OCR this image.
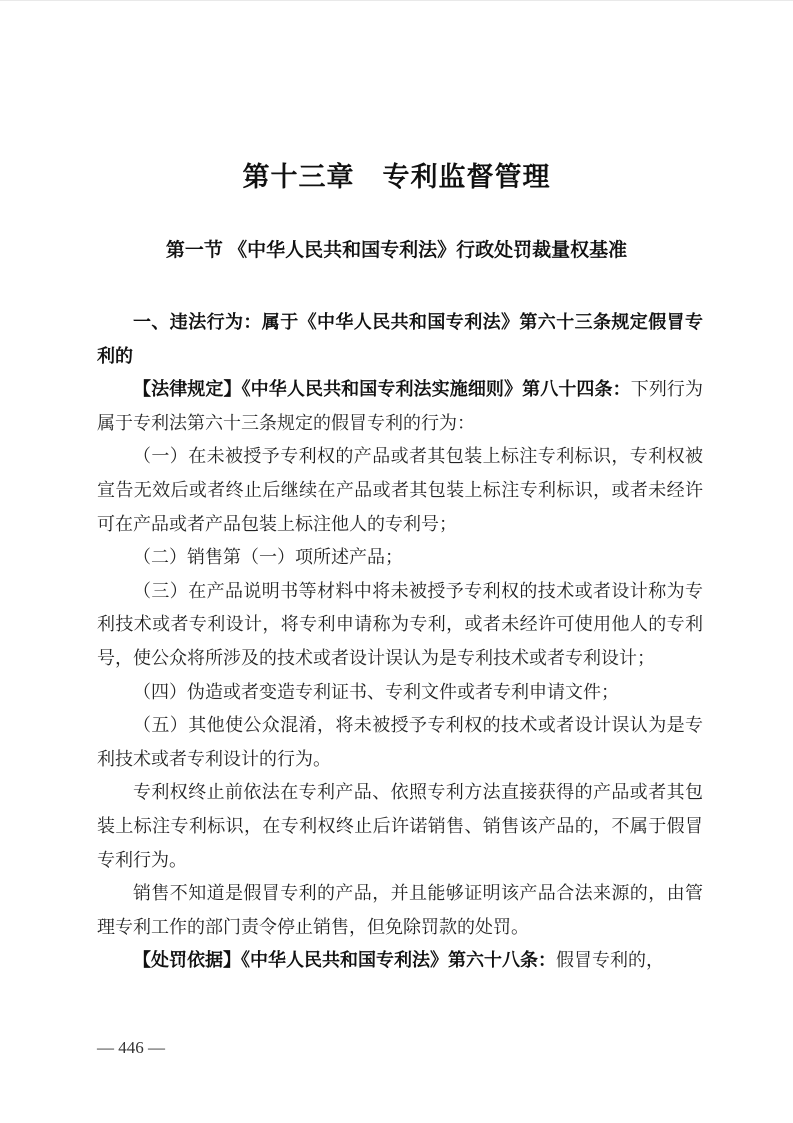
第十三章　专利监督管理
第一节 《中华人民共和国专利法》行政处罚裁量权基准

一、违法行为：属于《中华人民共和国专利法》第六十三条规定假冒专利的

【法律规定】《中华人民共和国专利法实施细则》第八十四条：下列行为属于专利法第六十三条规定的假冒专利的行为：

（一）在未被授予专利权的产品或者其包装上标注专利标识，专利权被宣告无效后或者终止后继续在产品或者其包装上标注专利标识，或者未经许可在产品或者产品包装上标注他人的专利号；

（二）销售第（一）项所述产品；

（三）在产品说明书等材料中将未被授予专利权的技术或者设计称为专利技术或者专利设计，将专利申请称为专利，或者未经许可使用他人的专利号，使公众将所涉及的技术或者设计误认为是专利技术或者专利设计；

（四）伪造或者变造专利证书、专利文件或者专利申请文件；

（五）其他使公众混淆，将未被授予专利权的技术或者设计误认为是专利技术或者专利设计的行为。

专利权终止前依法在专利产品、依照专利方法直接获得的产品或者其包装上标注专利标识，在专利权终止后许诺销售、销售该产品的，不属于假冒专利行为。

销售不知道是假冒专利的产品，并且能够证明该产品合法来源的，由管理专利工作的部门责令停止销售，但免除罚款的处罚。

【处罚依据】《中华人民共和国专利法》第六十八条：假冒专利的，

— 446 —
